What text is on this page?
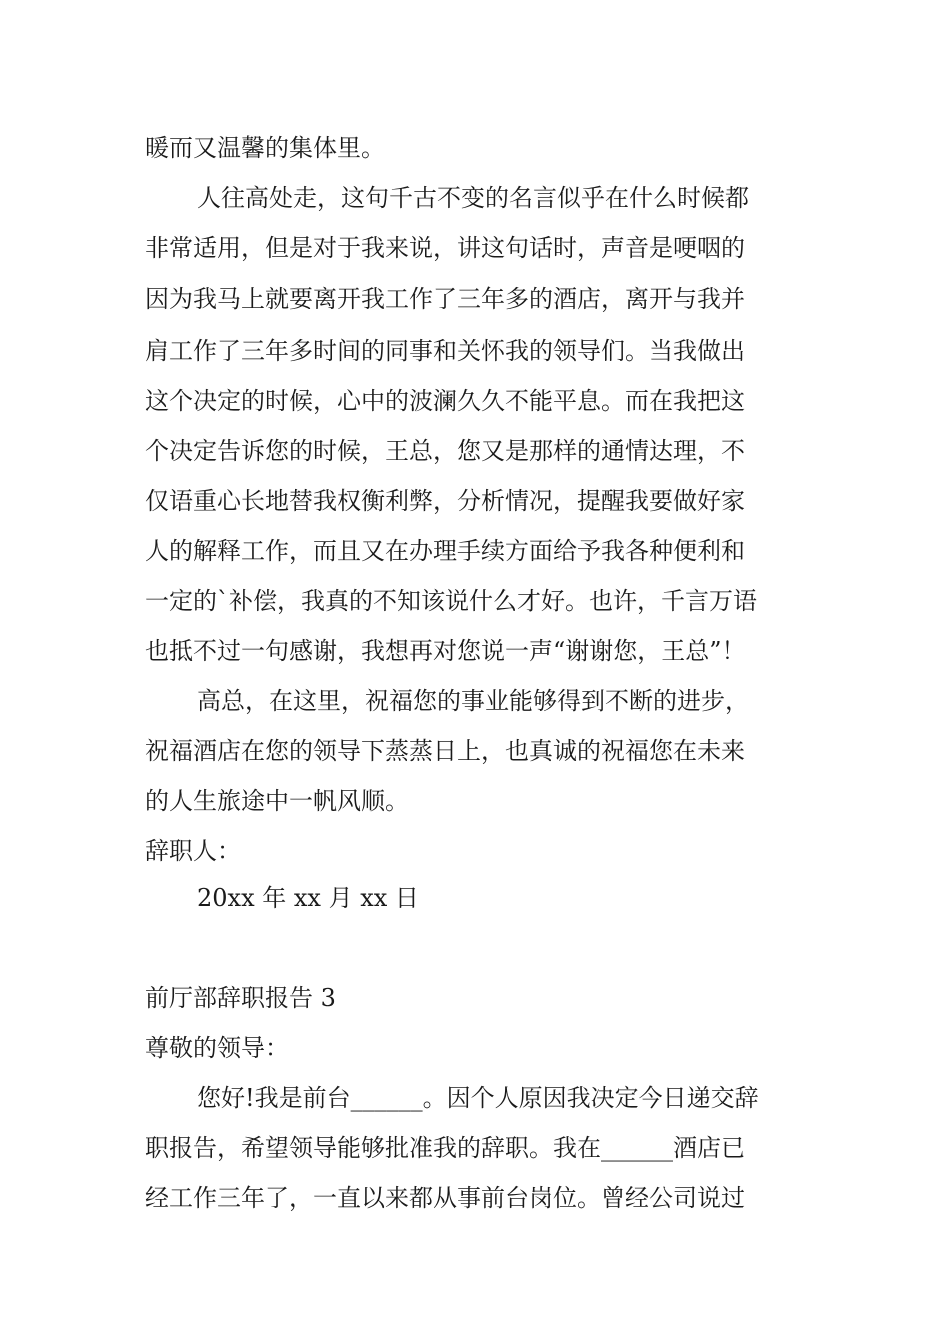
暖而又温馨的集体里。
人往高处走，这句千古不变的名言似乎在什么时候都
非常适用，但是对于我来说，讲这句话时，声音是哽咽的
因为我马上就要离开我工作了三年多的酒店，离开与我并
肩工作了三年多时间的同事和关怀我的领导们。当我做出
这个决定的时候，心中的波澜久久不能平息。而在我把这
个决定告诉您的时候，王总，您又是那样的通情达理，不
仅语重心长地替我权衡利弊，分析情况，提醒我要做好家
人的解释工作，而且又在办理手续方面给予我各种便利和
一定的`补偿，我真的不知该说什么才好。也许，千言万语
也抵不过一句感谢，我想再对您说一声“谢谢您，王总”！
高总，在这里，祝福您的事业能够得到不断的进步，
祝福酒店在您的领导下蒸蒸日上，也真诚的祝福您在未来
的人生旅途中一帆风顺。
辞职人：
20xx 年 xx 月 xx 日
前厅部辞职报告 3
尊敬的领导：
您好!我是前台______。因个人原因我决定今日递交辞
职报告，希望领导能够批准我的辞职。我在______酒店已
经工作三年了，一直以来都从事前台岗位。曾经公司说过
